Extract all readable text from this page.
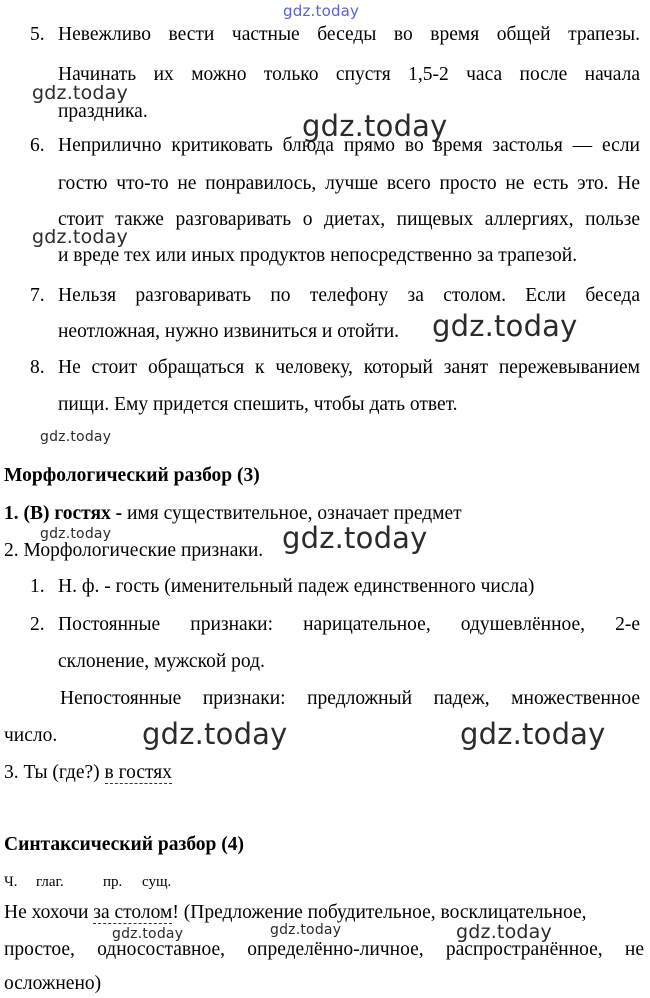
gdz.today
gdz.today
gdz.today
gdz.today
gdz.today
gdz.today
gdz.today	gdz.today
gdz.today	gdz.today
gdz.today	gdz.today	gdz.today
5. Невежливо вести частные беседы во время общей трапезы.
Начинать их можно только спустя 1,5-2 часа после начала
праздника.
6. Неприлично критиковать блюда прямо во время застолья — если
гостю что-то не понравилось, лучше всего просто не есть это. Не
стоит также разговаривать о диетах, пищевых аллергиях, пользе
и вреде тех или иных продуктов непосредственно за трапезой.
7. Нельзя разговаривать по телефону за столом. Если беседа
неотложная, нужно извиниться и отойти.
8. Не стоит обращаться к человеку, который занят пережевыванием
пищи. Ему придется спешить, чтобы дать ответ.
Морфологический разбор (3)
1. (В) гостях - имя существительное, означает предмет
2. Морфологические признаки.
1. Н. ф. - гость (именительный падеж единственного числа)
2. Постоянные признаки: нарицательное, одушевлённое, 2-е
склонение, мужской род.
Непостоянные признаки: предложный падеж, множественное
число.
3. Ты (где?) в гостях
Синтаксический разбор (4)
Ч. глаг.	пр. сущ.
Не хохочи за столом! (Предложение побудительное, восклицательное,
простое, односоставное, определённо-личное, распространённое, не
осложнено)
